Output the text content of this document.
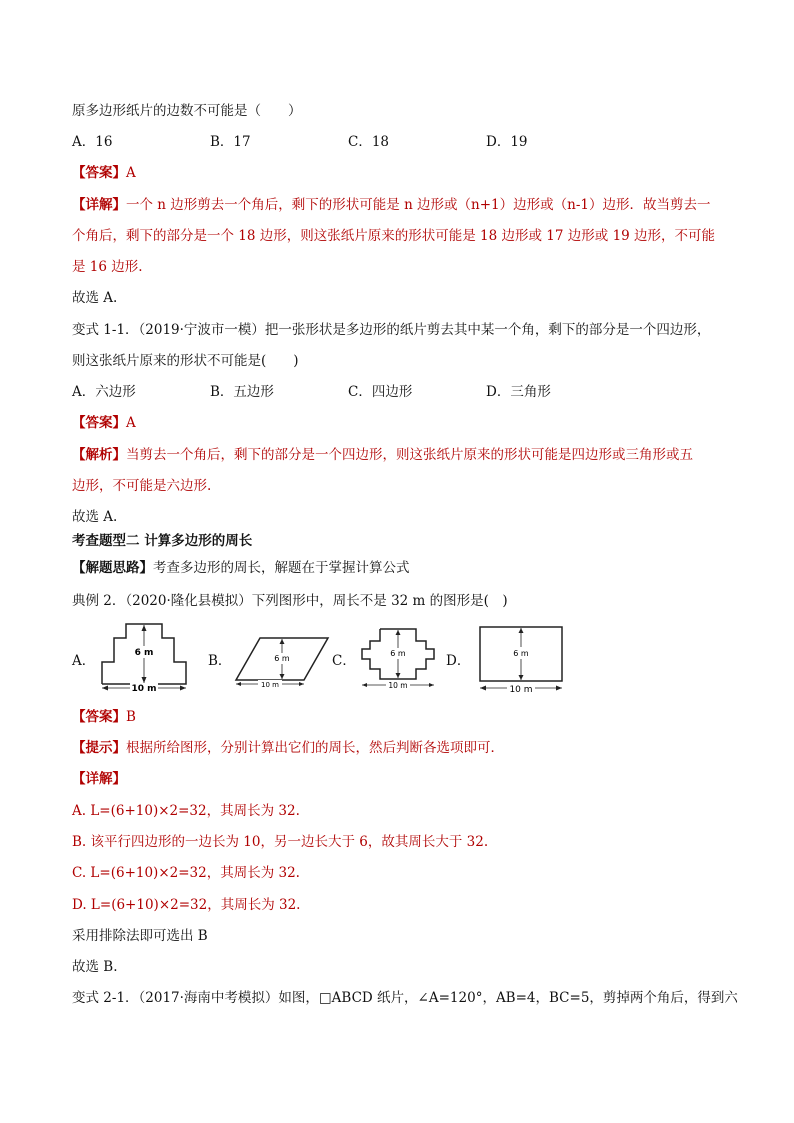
原多边形纸片的边数不可能是（　　）
A．16	B．17	C．18	D．19
【答案】A
【详解】一个 n 边形剪去一个角后，剩下的形状可能是 n 边形或（n+1）边形或（n-1）边形．故当剪去一
个角后，剩下的部分是一个 18 边形，则这张纸片原来的形状可能是 18 边形或 17 边形或 19 边形，不可能
是 16 边形.
故选 A.
变式 1-1．（2019·宁波市一模）把一张形状是多边形的纸片剪去其中某一个角，剩下的部分是一个四边形，
则这张纸片原来的形状不可能是(　　)
A．六边形	B．五边形	C．四边形	D．三角形
【答案】A
【解析】当剪去一个角后，剩下的部分是一个四边形，则这张纸片原来的形状可能是四边形或三角形或五
边形，不可能是六边形.
故选 A.
考查题型二 计算多边形的周长
【解题思路】考查多边形的周长，解题在于掌握计算公式
典例 2．（2020·隆化县模拟）下列图形中，周长不是 32 m 的图形是(　)
A．	6 m
10 m
B．	6 m
10 m
C．	6 m
10 m
D．	6 m
10 m
【答案】B
【提示】根据所给图形，分别计算出它们的周长，然后判断各选项即可．
【详解】
A. L=(6+10)×2=32，其周长为 32.
B. 该平行四边形的一边长为 10，另一边长大于 6，故其周长大于 32.
C. L=(6+10)×2=32，其周长为 32.
D. L=(6+10)×2=32，其周长为 32.
采用排除法即可选出 B
故选 B.
变式 2-1．（2017·海南中考模拟）如图，□ABCD 纸片，∠A=120°，AB=4，BC=5，剪掉两个角后，得到六
